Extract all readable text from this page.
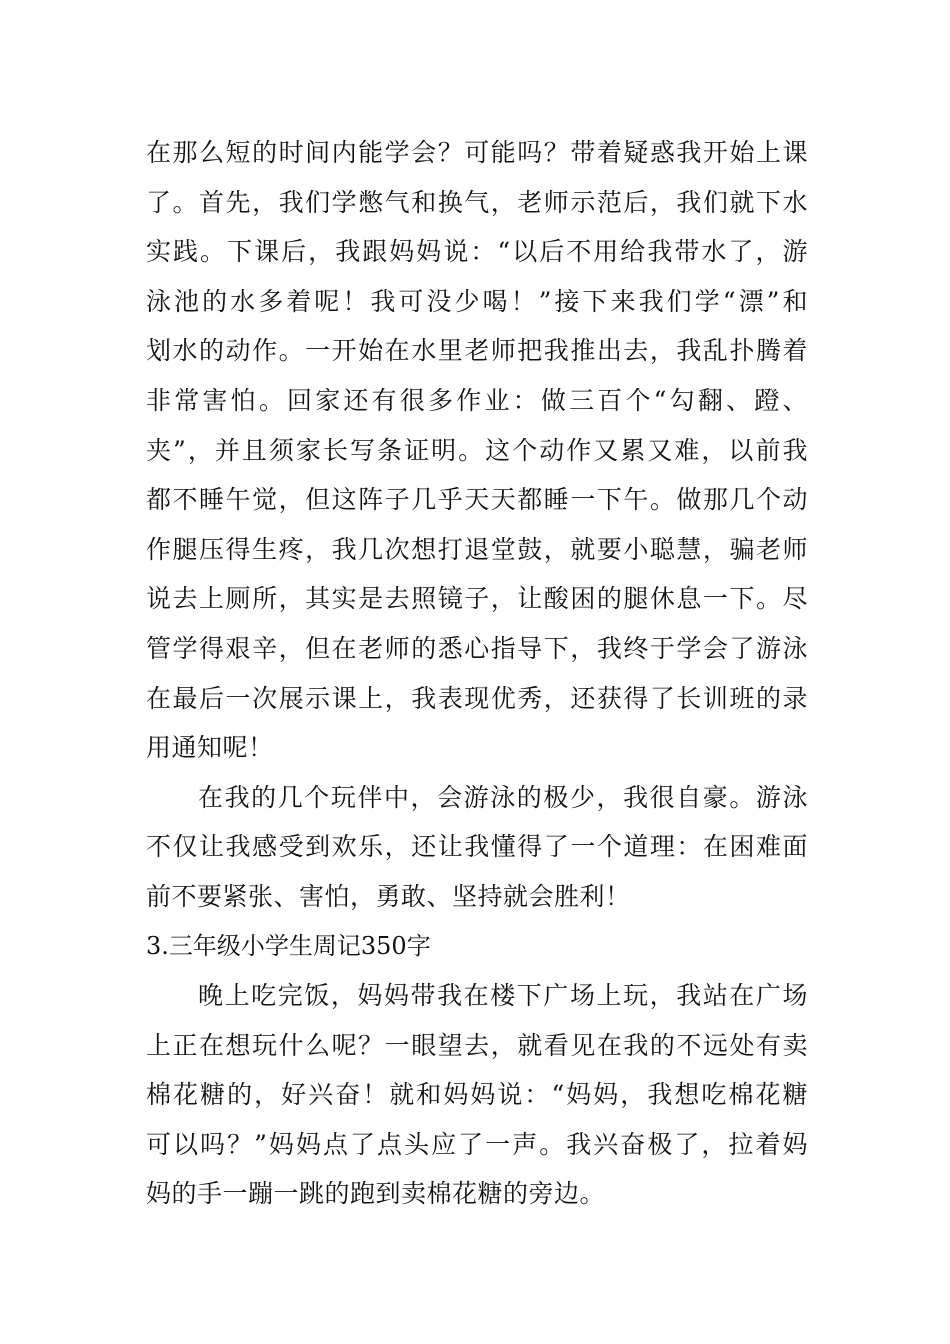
在那么短的时间内能学会？可能吗？带着疑惑我开始上课
了。首先，我们学憋气和换气，老师示范后，我们就下水
实践。下课后，我跟妈妈说：“以后不用给我带水了，游
泳池的水多着呢！我可没少喝！”接下来我们学“漂”和
划水的动作。一开始在水里老师把我推出去，我乱扑腾着
非常害怕。回家还有很多作业：做三百个“勾翻、蹬、
夹”，并且须家长写条证明。这个动作又累又难，以前我
都不睡午觉，但这阵子几乎天天都睡一下午。做那几个动
作腿压得生疼，我几次想打退堂鼓，就要小聪慧，骗老师
说去上厕所，其实是去照镜子，让酸困的腿休息一下。尽
管学得艰辛，但在老师的悉心指导下，我终于学会了游泳
在最后一次展示课上，我表现优秀，还获得了长训班的录
用通知呢！
在我的几个玩伴中，会游泳的极少，我很自豪。游泳
不仅让我感受到欢乐，还让我懂得了一个道理：在困难面
前不要紧张、害怕，勇敢、坚持就会胜利！
3.三年级小学生周记350字
晚上吃完饭，妈妈带我在楼下广场上玩，我站在广场
上正在想玩什么呢？一眼望去，就看见在我的不远处有卖
棉花糖的，好兴奋！就和妈妈说：“妈妈，我想吃棉花糖
可以吗？”妈妈点了点头应了一声。我兴奋极了，拉着妈
妈的手一蹦一跳的跑到卖棉花糖的旁边。
